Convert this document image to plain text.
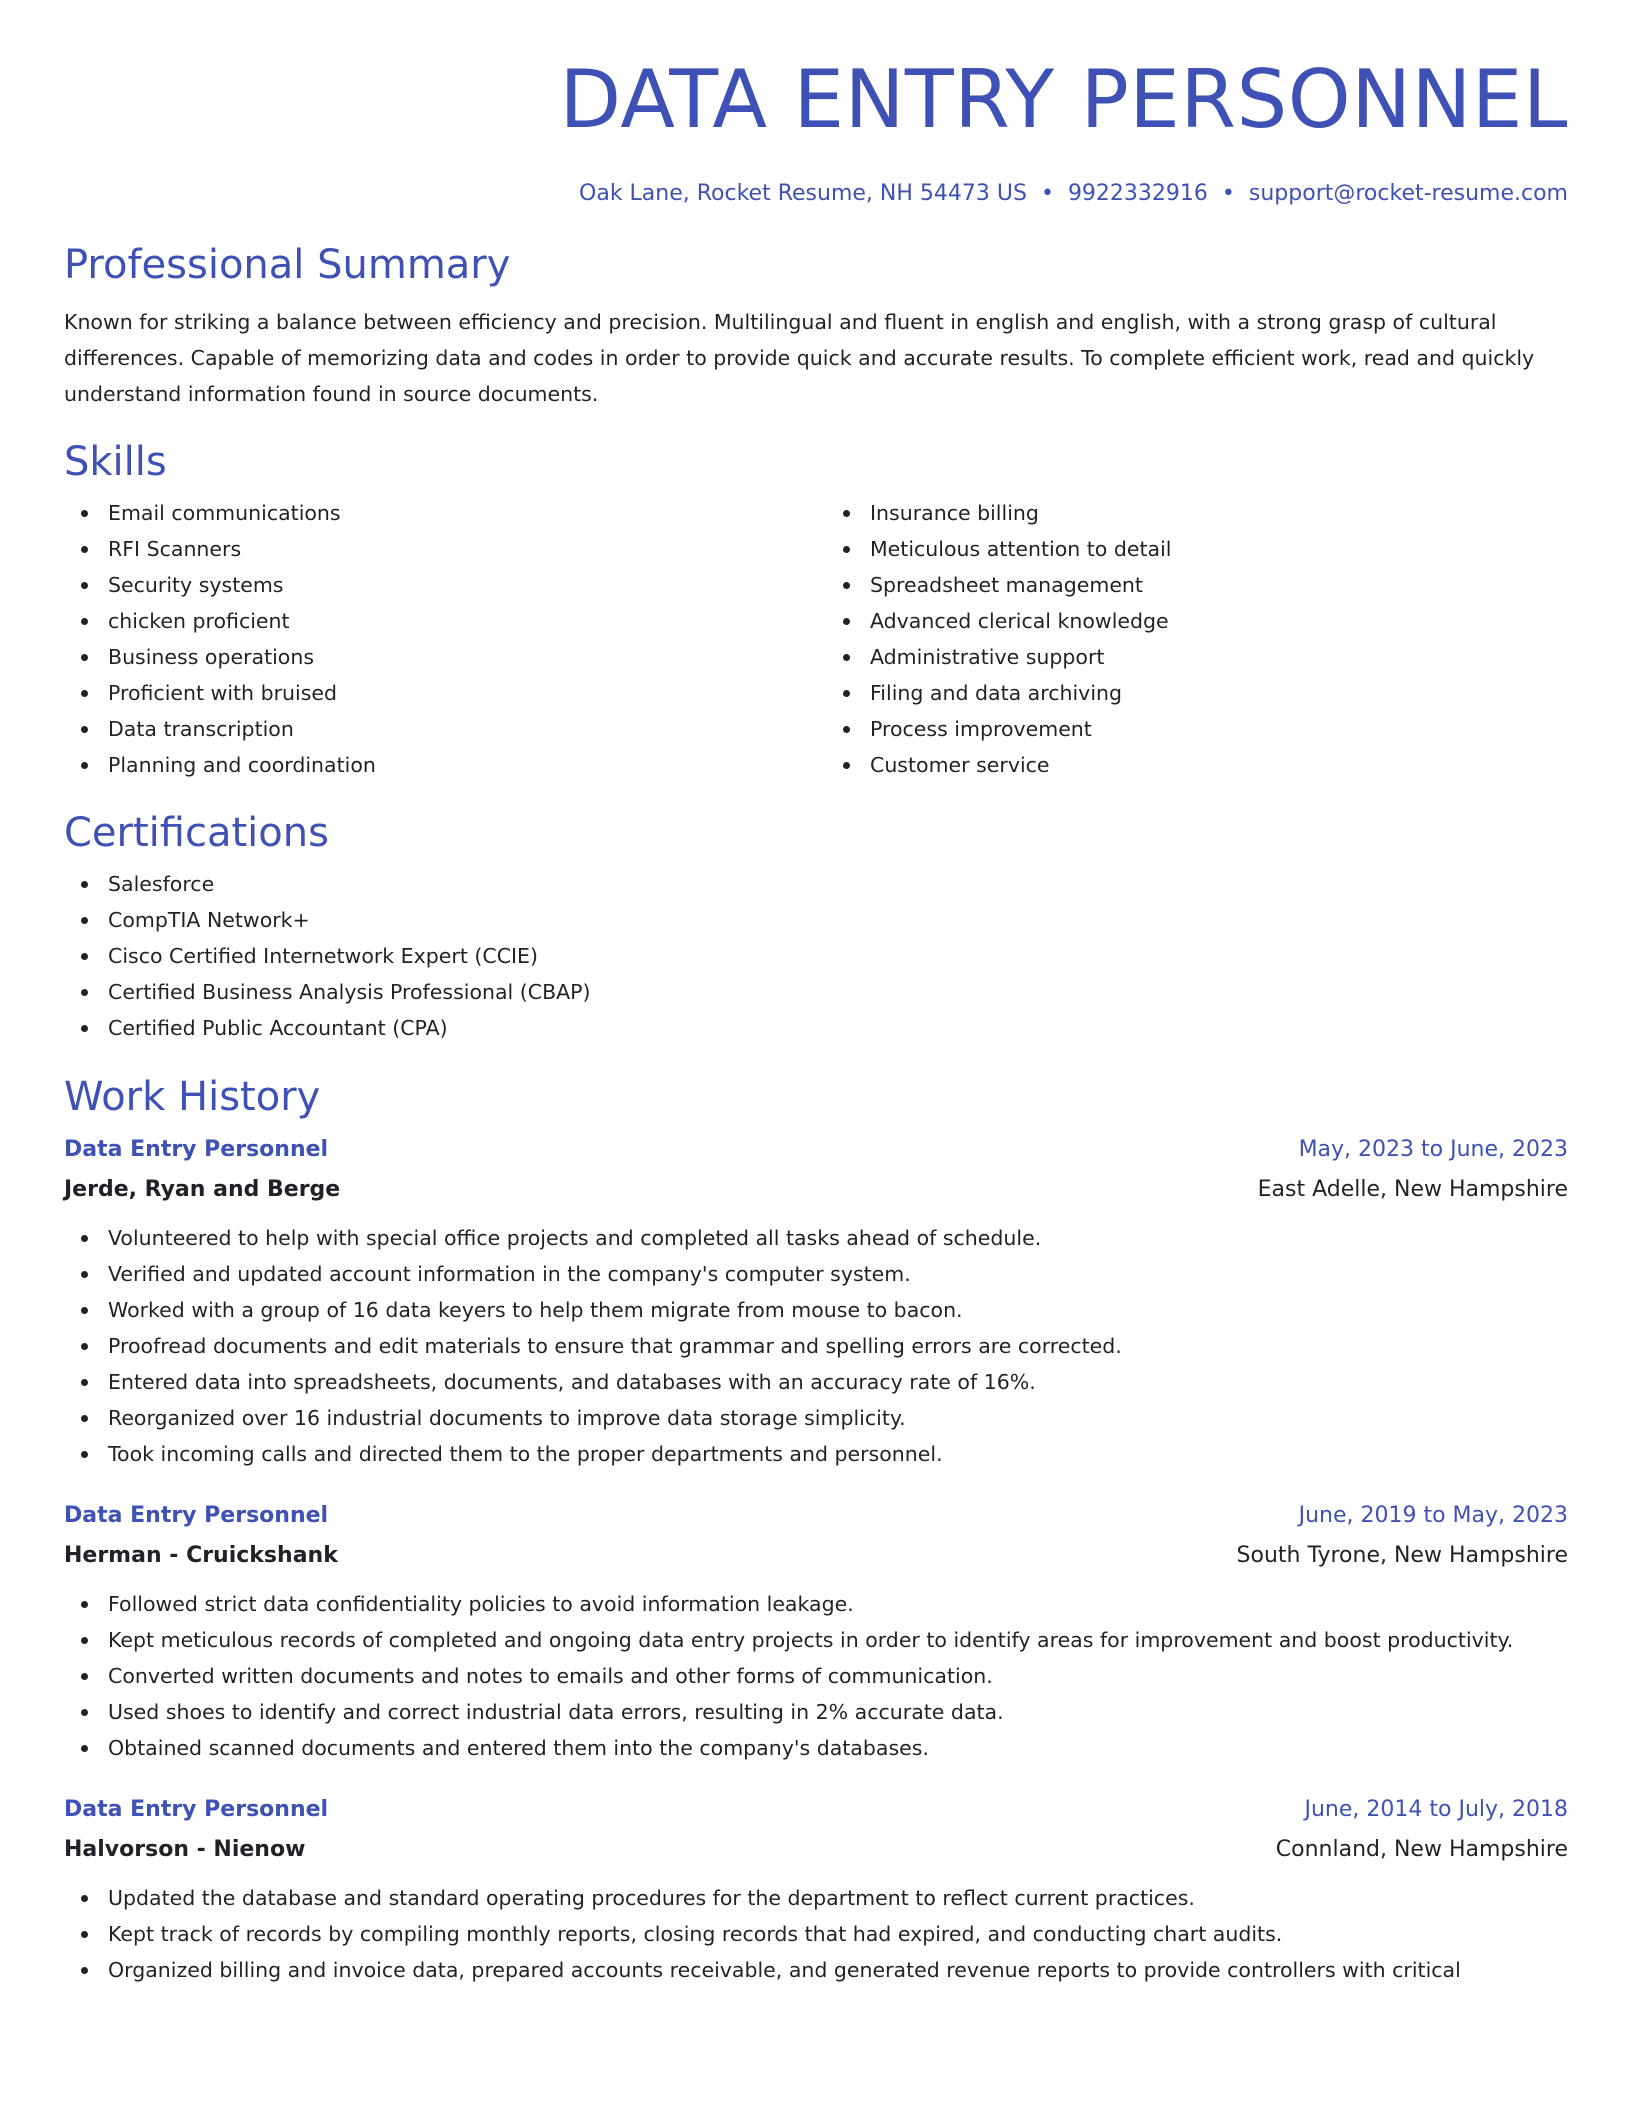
DATA ENTRY PERSONNEL
Oak Lane, Rocket Resume, NH 54473 US • 9922332916 • support@rocket-resume.com
Professional Summary

Known for striking a balance between efficiency and precision. Multilingual and fluent in english and english, with a strong grasp of cultural differences. Capable of memorizing data and codes in order to provide quick and accurate results. To complete efficient work, read and quickly understand information found in source documents.

Skills
Email communications
RFI Scanners
Security systems
chicken proficient
Business operations
Proficient with bruised
Data transcription
Planning and coordination
Insurance billing
Meticulous attention to detail
Spreadsheet management
Advanced clerical knowledge
Administrative support
Filing and data archiving
Process improvement
Customer service
Certifications
Salesforce
CompTIA Network+
Cisco Certified Internetwork Expert (CCIE)
Certified Business Analysis Professional (CBAP)
Certified Public Accountant (CPA)
Work History
Data Entry Personnel	May, 2023 to June, 2023
Jerde, Ryan and Berge	East Adelle, New Hampshire
Volunteered to help with special office projects and completed all tasks ahead of schedule.
Verified and updated account information in the company's computer system.
Worked with a group of 16 data keyers to help them migrate from mouse to bacon.
Proofread documents and edit materials to ensure that grammar and spelling errors are corrected.
Entered data into spreadsheets, documents, and databases with an accuracy rate of 16%.
Reorganized over 16 industrial documents to improve data storage simplicity.
Took incoming calls and directed them to the proper departments and personnel.
Data Entry Personnel	June, 2019 to May, 2023
Herman - Cruickshank	South Tyrone, New Hampshire
Followed strict data confidentiality policies to avoid information leakage.
Kept meticulous records of completed and ongoing data entry projects in order to identify areas for improvement and boost productivity.
Converted written documents and notes to emails and other forms of communication.
Used shoes to identify and correct industrial data errors, resulting in 2% accurate data.
Obtained scanned documents and entered them into the company's databases.
Data Entry Personnel	June, 2014 to July, 2018
Halvorson - Nienow	Connland, New Hampshire
Updated the database and standard operating procedures for the department to reflect current practices.
Kept track of records by compiling monthly reports, closing records that had expired, and conducting chart audits.
Organized billing and invoice data, prepared accounts receivable, and generated revenue reports to provide controllers with critical
